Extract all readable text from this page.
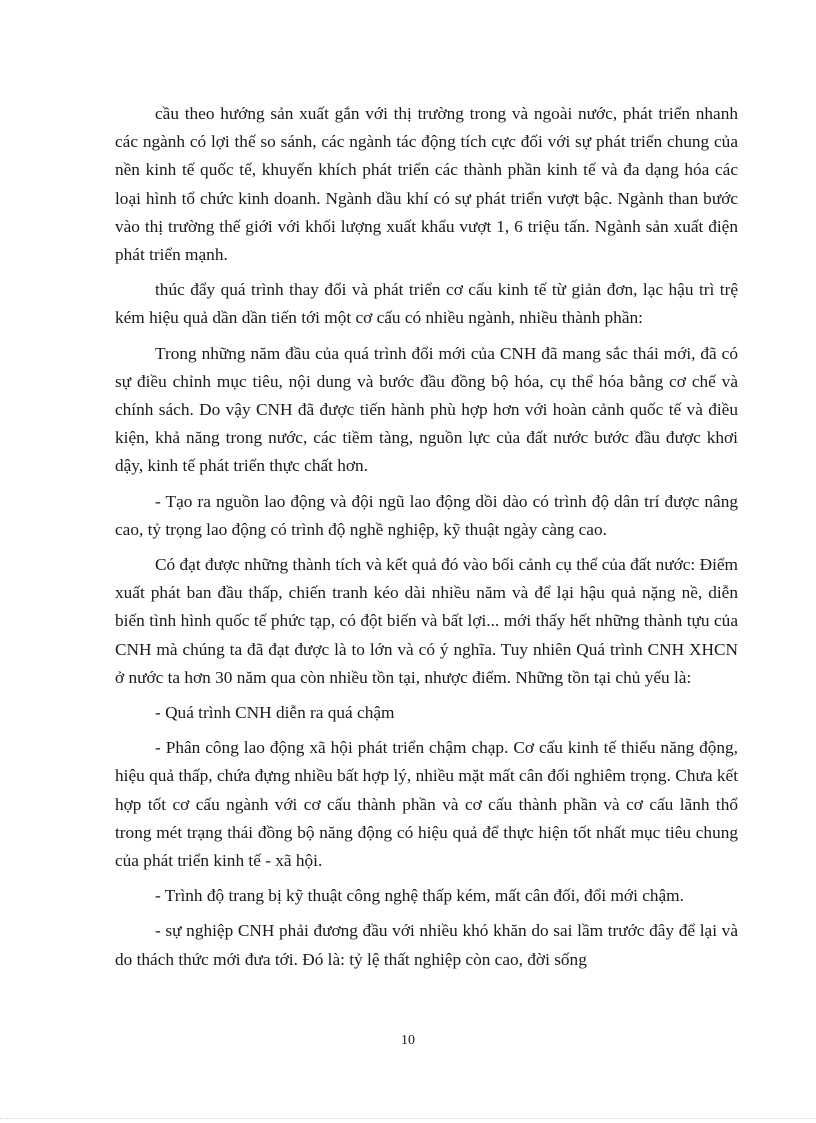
cầu theo hướng sản xuất gắn với thị trường trong và ngoài nước, phát triển nhanh các ngành có lợi thế so sánh, các ngành tác động tích cực đối với sự phát triển chung của nền kinh tế quốc tế, khuyến khích phát triển các thành phần kinh tế và đa dạng hóa các loại hình tổ chức kinh doanh. Ngành dầu khí có sự phát triển vượt bậc. Ngành than bước vào thị trường thế giới với khối lượng xuất khẩu vượt 1, 6 triệu tấn. Ngành sản xuất điện phát triển mạnh.

thúc đẩy quá trình thay đổi và phát triển cơ cấu kinh tế từ giản đơn, lạc hậu trì trệ kém hiệu quả dần dần tiến tới một cơ cấu có nhiều ngành, nhiều thành phần:

Trong những năm đầu của quá trình đổi mới của CNH đã mang sắc thái mới, đã có sự điều chỉnh mục tiêu, nội dung và bước đầu đồng bộ hóa, cụ thể hóa bằng cơ chế và chính sách. Do vậy CNH đã được tiến hành phù hợp hơn với hoàn cảnh quốc tế và điều kiện, khả năng trong nước, các tiềm tàng, nguồn lực của đất nước bước đầu được khơi dậy, kinh tế phát triển thực chất hơn.

- Tạo ra nguồn lao động và đội ngũ lao động dồi dào có trình độ dân trí được nâng cao, tỷ trọng lao động có trình độ nghề nghiệp, kỹ thuật ngày càng cao.

Có đạt được những thành tích và kết quả đó vào bối cảnh cụ thể của đất nước: Điểm xuất phát ban đầu thấp, chiến tranh kéo dài nhiều năm và để lại hậu quả nặng nề, diễn biến tình hình quốc tế phức tạp, có đột biến và bất lợi... mới thấy hết những thành tựu của CNH mà chúng ta đã đạt được là to lớn và có ý nghĩa. Tuy nhiên Quá trình CNH XHCN ở nước ta hơn 30 năm qua còn nhiều tồn tại, nhược điểm. Những tồn tại chủ yếu là:

- Quá trình CNH diễn ra quá chậm

- Phân công lao động xã hội phát triển chậm chạp. Cơ cấu kinh tế thiếu năng động, hiệu quả thấp, chứa đựng nhiều bất hợp lý, nhiều mặt mất cân đối nghiêm trọng. Chưa kết hợp tốt cơ cấu ngành với cơ cấu thành phần và cơ cấu thành phần và cơ cấu lãnh thổ trong mét trạng thái đồng bộ năng động có hiệu quả để thực hiện tốt nhất mục tiêu chung của phát triển kinh tế - xã hội.

- Trình độ trang bị kỹ thuật công nghệ thấp kém, mất cân đối, đổi mới chậm.

- sự nghiệp CNH phải đương đầu với nhiều khó khăn do sai lầm trước đây để lại và do thách thức mới đưa tới. Đó là: tỷ lệ thất nghiệp còn cao, đời sống

10
